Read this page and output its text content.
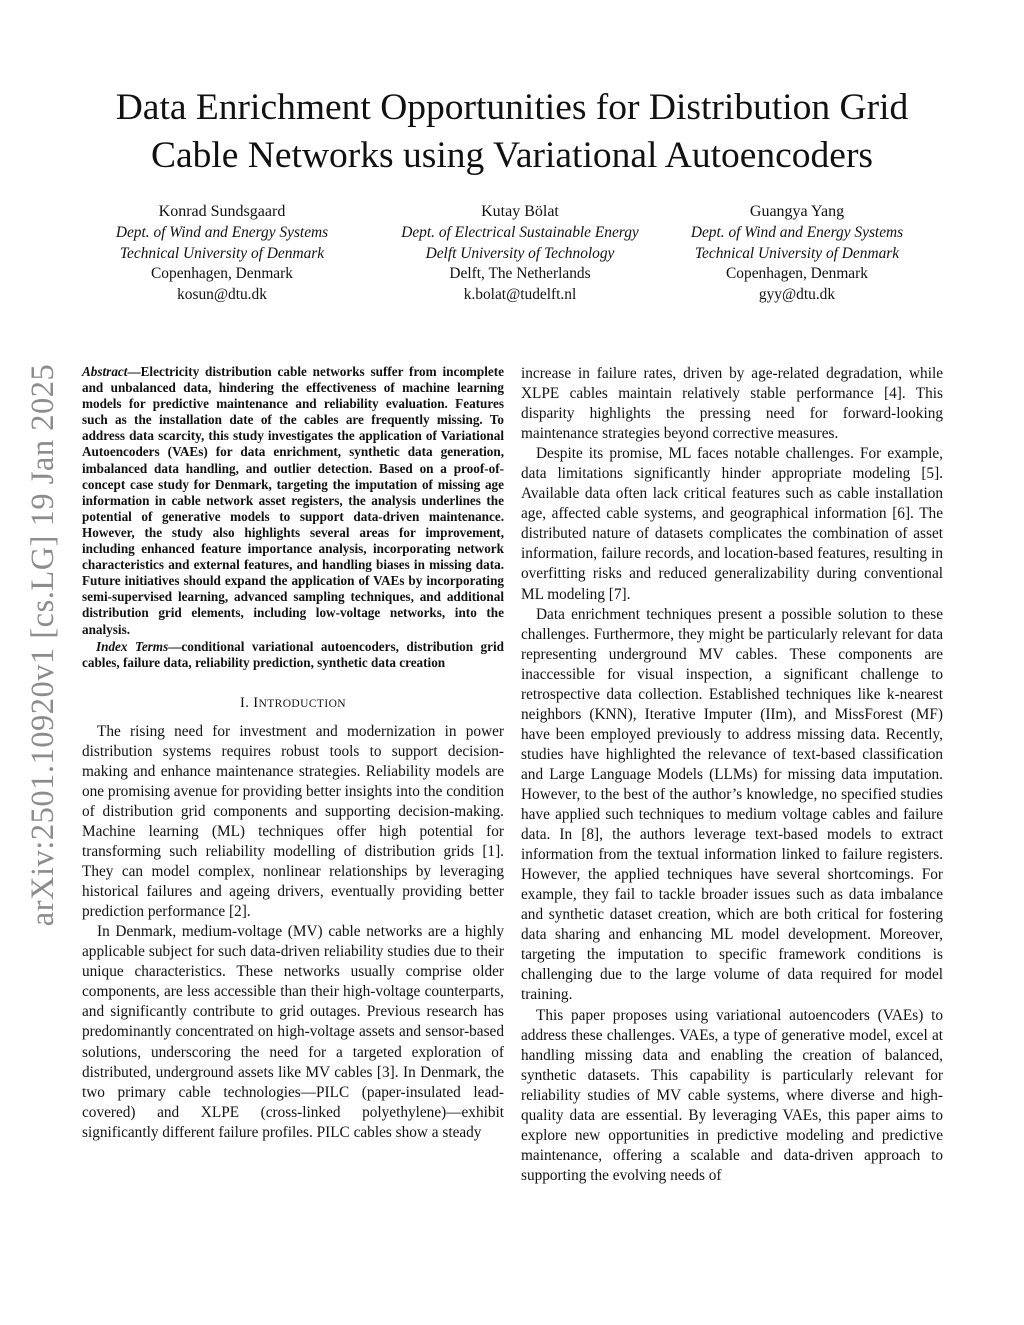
arXiv:2501.10920v1 [cs.LG] 19 Jan 2025
Data Enrichment Opportunities for Distribution Grid Cable Networks using Variational Autoencoders
Konrad Sundsgaard
Dept. of Wind and Energy Systems
Technical University of Denmark
Copenhagen, Denmark
kosun@dtu.dk
Kutay Bölat
Dept. of Electrical Sustainable Energy
Delft University of Technology
Delft, The Netherlands
k.bolat@tudelft.nl
Guangya Yang
Dept. of Wind and Energy Systems
Technical University of Denmark
Copenhagen, Denmark
gyy@dtu.dk

Abstract—Electricity distribution cable networks suffer from incomplete and unbalanced data, hindering the effectiveness of machine learning models for predictive maintenance and reliability evaluation. Features such as the installation date of the cables are frequently missing. To address data scarcity, this study investigates the application of Variational Autoencoders (VAEs) for data enrichment, synthetic data generation, imbalanced data handling, and outlier detection. Based on a proof-of-concept case study for Denmark, targeting the imputation of missing age information in cable network asset registers, the analysis underlines the potential of generative models to support data-driven maintenance. However, the study also highlights several areas for improvement, including enhanced feature importance analysis, incorporating network characteristics and external features, and handling biases in missing data. Future initiatives should expand the application of VAEs by incorporating semi-supervised learning, advanced sampling techniques, and additional distribution grid elements, including low-voltage networks, into the analysis.

Index Terms—conditional variational autoencoders, distribution grid cables, failure data, reliability prediction, synthetic data creation

I. INTRODUCTION

The rising need for investment and modernization in power distribution systems requires robust tools to support decision-making and enhance maintenance strategies. Reliability models are one promising avenue for providing better insights into the condition of distribution grid components and supporting decision-making. Machine learning (ML) techniques offer high potential for transforming such reliability modelling of distribution grids [1]. They can model complex, nonlinear relationships by leveraging historical failures and ageing drivers, eventually providing better prediction performance [2].

In Denmark, medium-voltage (MV) cable networks are a highly applicable subject for such data-driven reliability studies due to their unique characteristics. These networks usually comprise older components, are less accessible than their high-voltage counterparts, and significantly contribute to grid outages. Previous research has predominantly concentrated on high-voltage assets and sensor-based solutions, underscoring the need for a targeted exploration of distributed, underground assets like MV cables [3]. In Denmark, the two primary cable technologies—PILC (paper-insulated lead-covered) and XLPE (cross-linked polyethylene)—exhibit significantly different failure profiles. PILC cables show a steady

increase in failure rates, driven by age-related degradation, while XLPE cables maintain relatively stable performance [4]. This disparity highlights the pressing need for forward-looking maintenance strategies beyond corrective measures.

Despite its promise, ML faces notable challenges. For example, data limitations significantly hinder appropriate modeling [5]. Available data often lack critical features such as cable installation age, affected cable systems, and geographical information [6]. The distributed nature of datasets complicates the combination of asset information, failure records, and location-based features, resulting in overfitting risks and reduced generalizability during conventional ML modeling [7].

Data enrichment techniques present a possible solution to these challenges. Furthermore, they might be particularly relevant for data representing underground MV cables. These components are inaccessible for visual inspection, a significant challenge to retrospective data collection. Established techniques like k-nearest neighbors (KNN), Iterative Imputer (IIm), and MissForest (MF) have been employed previously to address missing data. Recently, studies have highlighted the relevance of text-based classification and Large Language Models (LLMs) for missing data imputation. However, to the best of the author’s knowledge, no specified studies have applied such techniques to medium voltage cables and failure data. In [8], the authors leverage text-based models to extract information from the textual information linked to failure registers. However, the applied techniques have several shortcomings. For example, they fail to tackle broader issues such as data imbalance and synthetic dataset creation, which are both critical for fostering data sharing and enhancing ML model development. Moreover, targeting the imputation to specific framework conditions is challenging due to the large volume of data required for model training.

This paper proposes using variational autoencoders (VAEs) to address these challenges. VAEs, a type of generative model, excel at handling missing data and enabling the creation of balanced, synthetic datasets. This capability is particularly relevant for reliability studies of MV cable systems, where diverse and high-quality data are essential. By leveraging VAEs, this paper aims to explore new opportunities in predictive modeling and predictive maintenance, offering a scalable and data-driven approach to supporting the evolving needs of
